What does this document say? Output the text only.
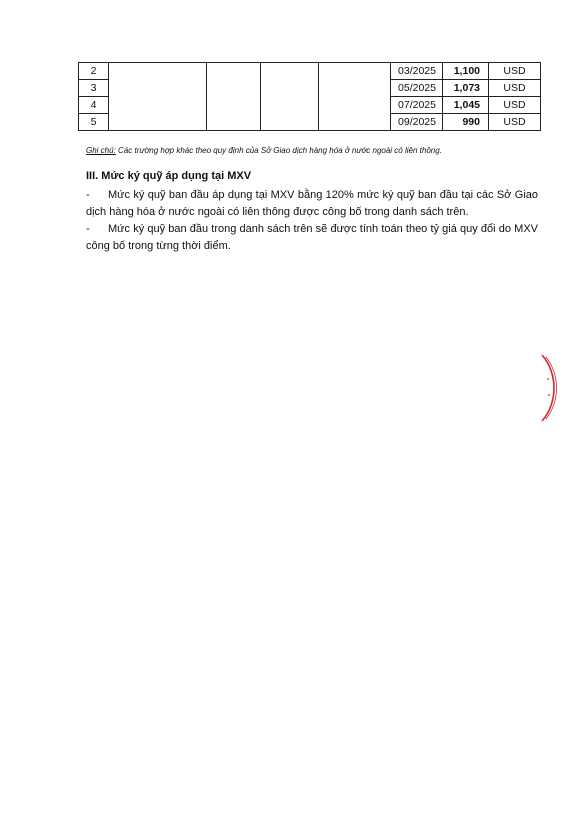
2					03/2025	1,100	USD
3					05/2025	1,073	USD
4					07/2025	1,045	USD
5					09/2025	990	USD
Ghi chú: Các trường hợp khác theo quy định của Sở Giao dịch hàng hóa ở nước ngoài có liên thông.
III. Mức ký quỹ áp dụng tại MXV
- Mức ký quỹ ban đầu áp dụng tại MXV bằng 120% mức ký quỹ ban đầu tại các Sở Giao dịch hàng hóa ở nước ngoài có liên thông được công bố trong danh sách trên.
- Mức ký quỹ ban đầu trong danh sách trên sẽ được tính toán theo tỷ giá quy đổi do MXV công bố trong từng thời điểm.
